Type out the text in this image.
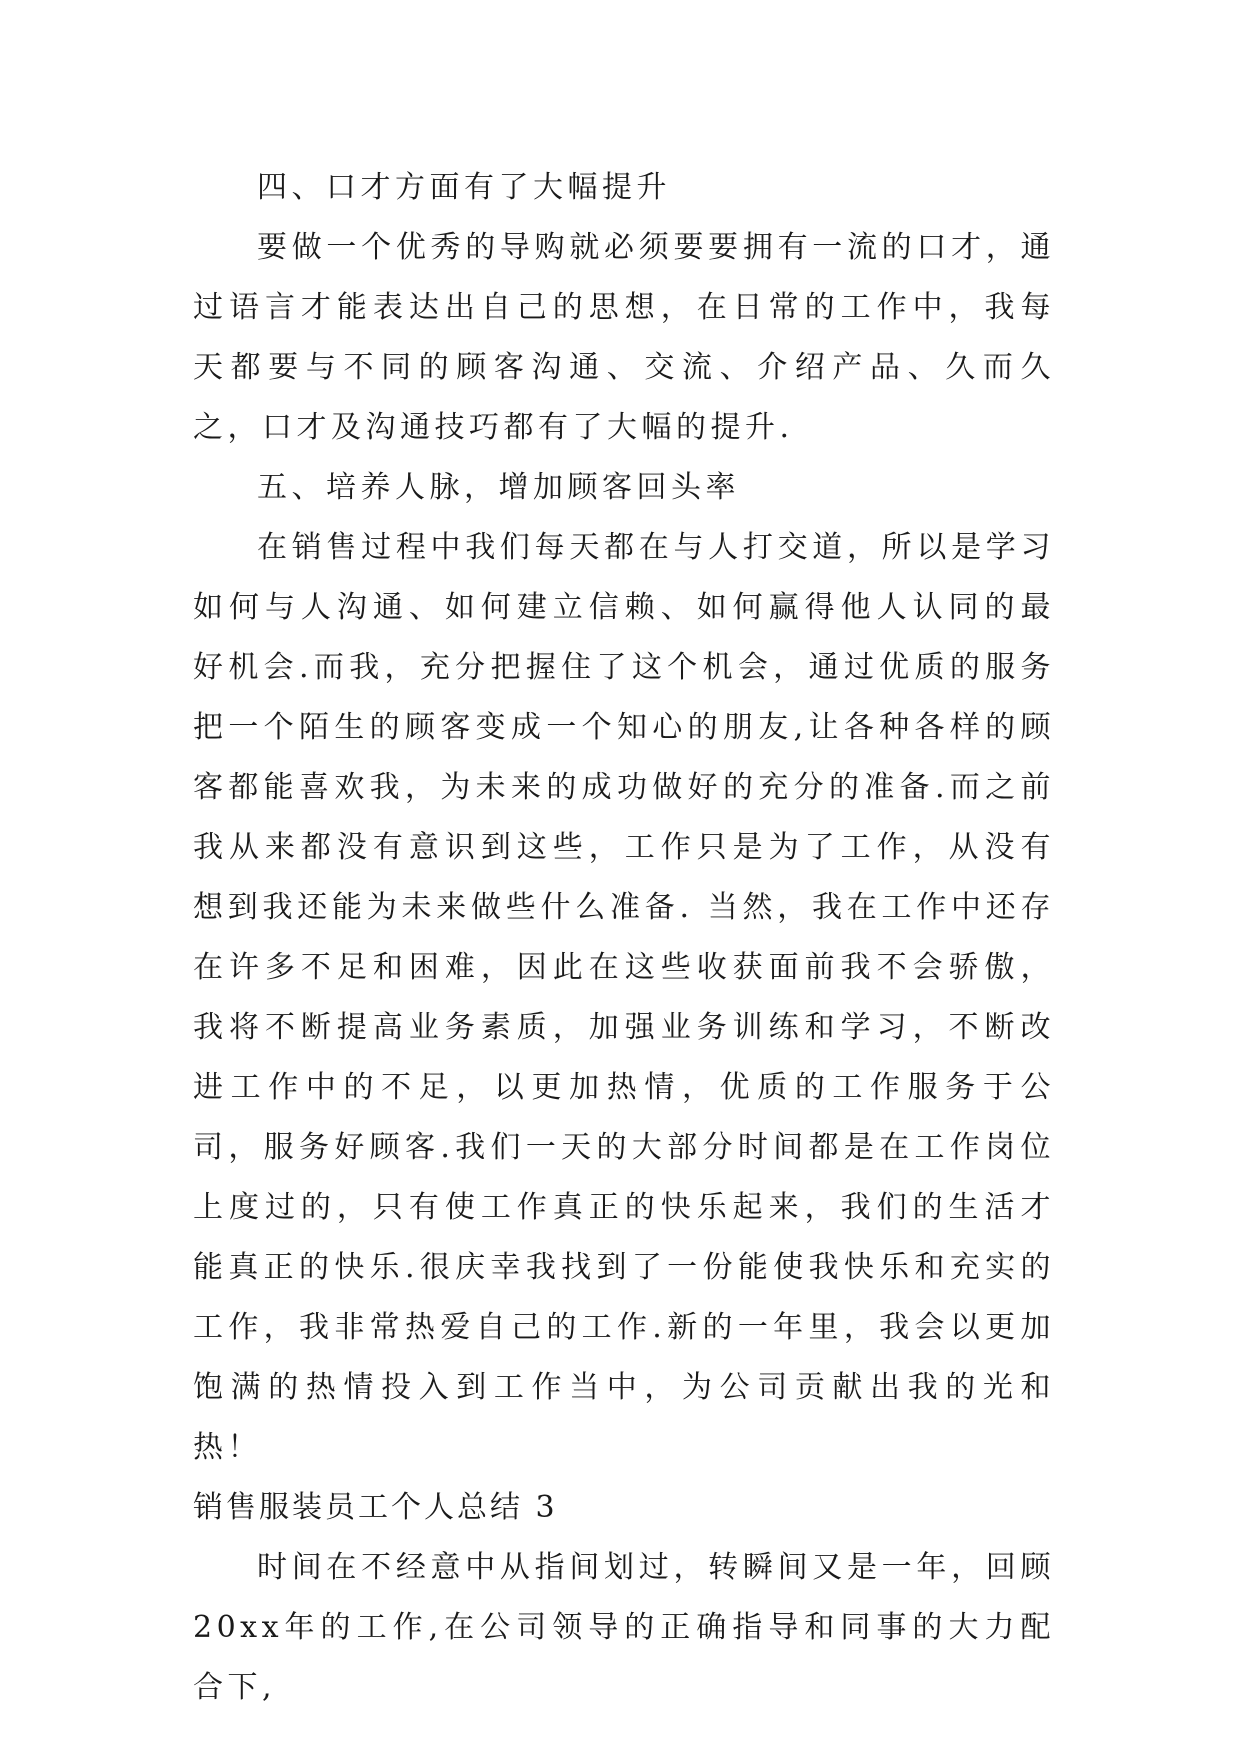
四、口才方面有了大幅提升

要做一个优秀的导购就必须要要拥有一流的口才，通过语言才能表达出自己的思想，在日常的工作中，我每天都要与不同的顾客沟通、交流、介绍产品、久而久之，口才及沟通技巧都有了大幅的提升.

五、培养人脉，增加顾客回头率

在销售过程中我们每天都在与人打交道，所以是学习如何与人沟通、如何建立信赖、如何赢得他人认同的最好机会.而我，充分把握住了这个机会，通过优质的服务把一个陌生的顾客变成一个知心的朋友,让各种各样的顾客都能喜欢我，为未来的成功做好的充分的准备.而之前我从来都没有意识到这些，工作只是为了工作，从没有想到我还能为未来做些什么准备. 当然，我在工作中还存在许多不足和困难，因此在这些收获面前我不会骄傲，我将不断提高业务素质，加强业务训练和学习，不断改进工作中的不足，以更加热情，优质的工作服务于公司，服务好顾客.我们一天的大部分时间都是在工作岗位上度过的，只有使工作真正的快乐起来，我们的生活才能真正的快乐.很庆幸我找到了一份能使我快乐和充实的工作，我非常热爱自己的工作.新的一年里，我会以更加饱满的热情投入到工作当中，为公司贡献出我的光和热！

销售服装员工个人总结 3

时间在不经意中从指间划过，转瞬间又是一年，回顾20xx年的工作,在公司领导的正确指导和同事的大力配合下,
